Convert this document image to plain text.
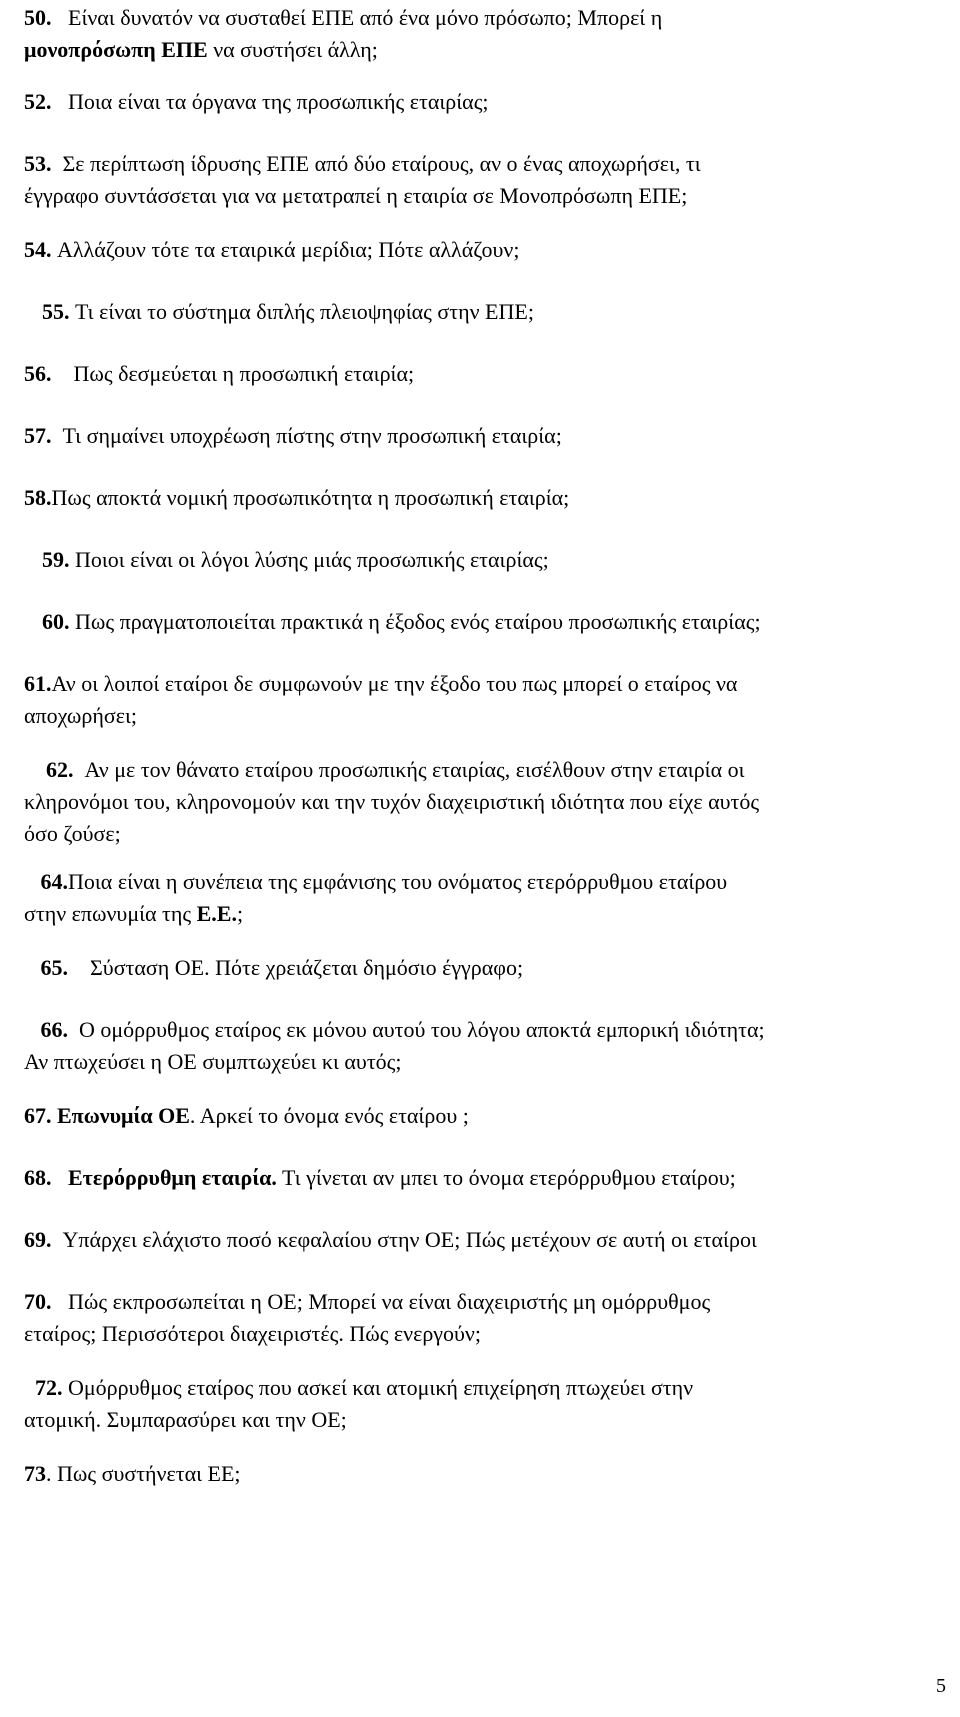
50. Είναι δυνατόν να συσταθεί ΕΠΕ από ένα μόνο πρόσωπο; Μπορεί η
μονοπρόσωπη ΕΠΕ να συστήσει άλλη;
52. Ποια είναι τα όργανα της προσωπικής εταιρίας;
53. Σε περίπτωση ίδρυσης ΕΠΕ από δύο εταίρους, αν ο ένας αποχωρήσει, τι
έγγραφο συντάσσεται για να μετατραπεί η εταιρία σε Μονοπρόσωπη ΕΠΕ;
54. Αλλάζουν τότε τα εταιρικά μερίδια; Πότε αλλάζουν;
55. Τι είναι το σύστημα διπλής πλειοψηφίας στην ΕΠΕ;
56. Πως δεσμεύεται η προσωπική εταιρία;
57. Τι σημαίνει υποχρέωση πίστης στην προσωπική εταιρία;
58.Πως αποκτά νομική προσωπικότητα η προσωπική εταιρία;
59. Ποιοι είναι οι λόγοι λύσης μιάς προσωπικής εταιρίας;
60. Πως πραγματοποιείται πρακτικά η έξοδος ενός εταίρου προσωπικής εταιρίας;
61.Αν οι λοιποί εταίροι δε συμφωνούν με την έξοδο του πως μπορεί ο εταίρος να
αποχωρήσει;
62. Αν με τον θάνατο εταίρου προσωπικής εταιρίας, εισέλθουν στην εταιρία οι
κληρονόμοι του, κληρονομούν και την τυχόν διαχειριστική ιδιότητα που είχε αυτός
όσο ζούσε;
64.Ποια είναι η συνέπεια της εμφάνισης του ονόματος ετερόρρυθμου εταίρου
στην επωνυμία της Ε.Ε.;
65. Σύσταση ΟΕ. Πότε χρειάζεται δημόσιο έγγραφο;
66. Ο ομόρρυθμος εταίρος εκ μόνου αυτού του λόγου αποκτά εμπορική ιδιότητα;
Αν πτωχεύσει η ΟΕ συμπτωχεύει κι αυτός;
67. Επωνυμία ΟΕ. Αρκεί το όνομα ενός εταίρου ;
68. Ετερόρρυθμη εταιρία. Τι γίνεται αν μπει το όνομα ετερόρρυθμου εταίρου;
69. Υπάρχει ελάχιστο ποσό κεφαλαίου στην ΟΕ; Πώς μετέχουν σε αυτή οι εταίροι
70. Πώς εκπροσωπείται η ΟΕ; Μπορεί να είναι διαχειριστής μη ομόρρυθμος
εταίρος; Περισσότεροι διαχειριστές. Πώς ενεργούν;
72. Ομόρρυθμος εταίρος που ασκεί και ατομική επιχείρηση πτωχεύει στην
ατομική. Συμπαρασύρει και την ΟΕ;
73. Πως συστήνεται ΕΕ;
5
